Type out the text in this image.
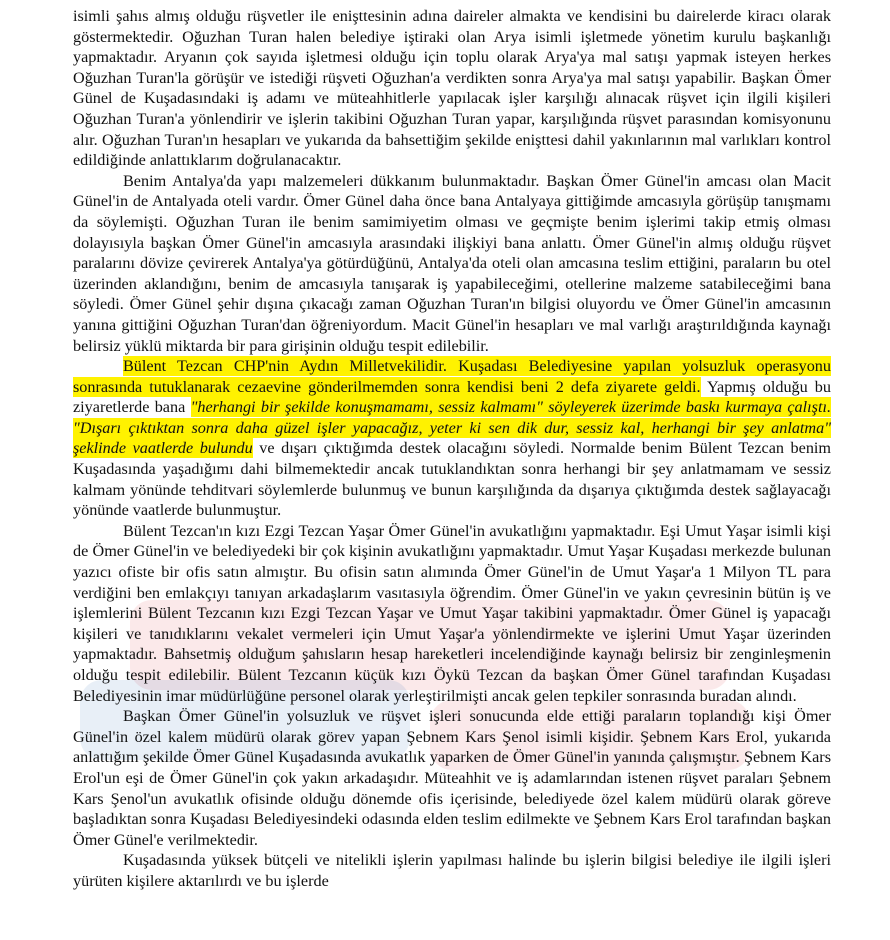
isimli şahıs almış olduğu rüşvetler ile enişttesinin adına daireler almakta ve kendisini bu dairelerde kiracı olarak göstermektedir. Oğuzhan Turan halen belediye iştiraki olan Arya isimli işletmede yönetim kurulu başkanlığı yapmaktadır. Aryanın çok sayıda işletmesi olduğu için toplu olarak Arya'ya mal satışı yapmak isteyen herkes Oğuzhan Turan'la görüşür ve istediği rüşveti Oğuzhan'a verdikten sonra Arya'ya mal satışı yapabilir. Başkan Ömer Günel de Kuşadasındaki iş adamı ve müteahhitlerle yapılacak işler karşılığı alınacak rüşvet için ilgili kişileri Oğuzhan Turan'a yönlendirir ve işlerin takibini Oğuzhan Turan yapar, karşılığında rüşvet parasından komisyonunu alır. Oğuzhan Turan'ın hesapları ve yukarıda da bahsettiğim şekilde enişttesi dahil yakınlarının mal varlıkları kontrol edildiğinde anlattıklarım doğrulanacaktır.

Benim Antalya'da yapı malzemeleri dükkanım bulunmaktadır. Başkan Ömer Günel'in amcası olan Macit Günel'in de Antalyada oteli vardır. Ömer Günel daha önce bana Antalyaya gittiğimde amcasıyla görüşüp tanışmamı da söylemişti. Oğuzhan Turan ile benim samimiyetim olması ve geçmişte benim işlerimi takip etmiş olması dolayısıyla başkan Ömer Günel'in amcasıyla arasındaki ilişkiyi bana anlattı. Ömer Günel'in almış olduğu rüşvet paralarını dövize çevirerek Antalya'ya götürdüğünü, Antalya'da oteli olan amcasına teslim ettiğini, paraların bu otel üzerinden aklandığını, benim de amcasıyla tanışarak iş yapabileceğimi, otellerine malzeme satabileceğimi bana söyledi. Ömer Günel şehir dışına çıkacağı zaman Oğuzhan Turan'ın bilgisi oluyordu ve Ömer Günel'in amcasının yanına gittiğini Oğuzhan Turan'dan öğreniyordum. Macit Günel'in hesapları ve mal varlığı araştırıldığında kaynağı belirsiz yüklü miktarda bir para girişinin olduğu tespit edilebilir.

Bülent Tezcan CHP'nin Aydın Milletvekilidir. Kuşadası Belediyesine yapılan yolsuzluk operasyonu sonrasında tutuklanarak cezaevine gönderilmemden sonra kendisi beni 2 defa ziyarete geldi. Yapmış olduğu bu ziyaretlerde bana "herhangi bir şekilde konuşmamamı, sessiz kalmamı" söyleyerek üzerimde baskı kurmaya çalıştı. "Dışarı çıktıktan sonra daha güzel işler yapacağız, yeter ki sen dik dur, sessiz kal, herhangi bir şey anlatma" şeklinde vaatlerde bulundu ve dışarı çıktığımda destek olacağını söyledi. Normalde benim Bülent Tezcan benim Kuşadasında yaşadığımı dahi bilmemektedir ancak tutuklandıktan sonra herhangi bir şey anlatmamam ve sessiz kalmam yönünde tehditvari söylemlerde bulunmuş ve bunun karşılığında da dışarıya çıktığımda destek sağlayacağı yönünde vaatlerde bulunmuştur.

Bülent Tezcan'ın kızı Ezgi Tezcan Yaşar Ömer Günel'in avukatlığını yapmaktadır. Eşi Umut Yaşar isimli kişi de Ömer Günel'in ve belediyedeki bir çok kişinin avukatlığını yapmaktadır. Umut Yaşar Kuşadası merkezde bulunan yazıcı ofiste bir ofis satın almıştır. Bu ofisin satın alımında Ömer Günel'in de Umut Yaşar'a 1 Milyon TL para verdiğini ben emlakçıyı tanıyan arkadaşlarım vasıtasıyla öğrendim. Ömer Günel'in ve yakın çevresinin bütün iş ve işlemlerini Bülent Tezcanın kızı Ezgi Tezcan Yaşar ve Umut Yaşar takibini yapmaktadır. Ömer Günel iş yapacağı kişileri ve tanıdıklarını vekalet vermeleri için Umut Yaşar'a yönlendirmekte ve işlerini Umut Yaşar üzerinden yapmaktadır. Bahsetmiş olduğum şahısların hesap hareketleri incelendiğinde kaynağı belirsiz bir zenginleşmenin olduğu tespit edilebilir. Bülent Tezcanın küçük kızı Öykü Tezcan da başkan Ömer Günel tarafından Kuşadası Belediyesinin imar müdürlüğüne personel olarak yerleştirilmişti ancak gelen tepkiler sonrasında buradan alındı.

Başkan Ömer Günel'in yolsuzluk ve rüşvet işleri sonucunda elde ettiği paraların toplandığı kişi Ömer Günel'in özel kalem müdürü olarak görev yapan Şebnem Kars Şenol isimli kişidir. Şebnem Kars Erol, yukarıda anlattığım şekilde Ömer Günel Kuşadasında avukatlık yaparken de Ömer Günel'in yanında çalışmıştır. Şebnem Kars Erol'un eşi de Ömer Günel'in çok yakın arkadaşıdır. Müteahhit ve iş adamlarından istenen rüşvet paraları Şebnem Kars Şenol'un avukatlık ofisinde olduğu dönemde ofis içerisinde, belediyede özel kalem müdürü olarak göreve başladıktan sonra Kuşadası Belediyesindeki odasında elden teslim edilmekte ve Şebnem Kars Erol tarafından başkan Ömer Günel'e verilmektedir.

Kuşadasında yüksek bütçeli ve nitelikli işlerin yapılması halinde bu işlerin bilgisi belediye ile ilgili işleri yürüten kişilere aktarılırdı ve bu işlerde
